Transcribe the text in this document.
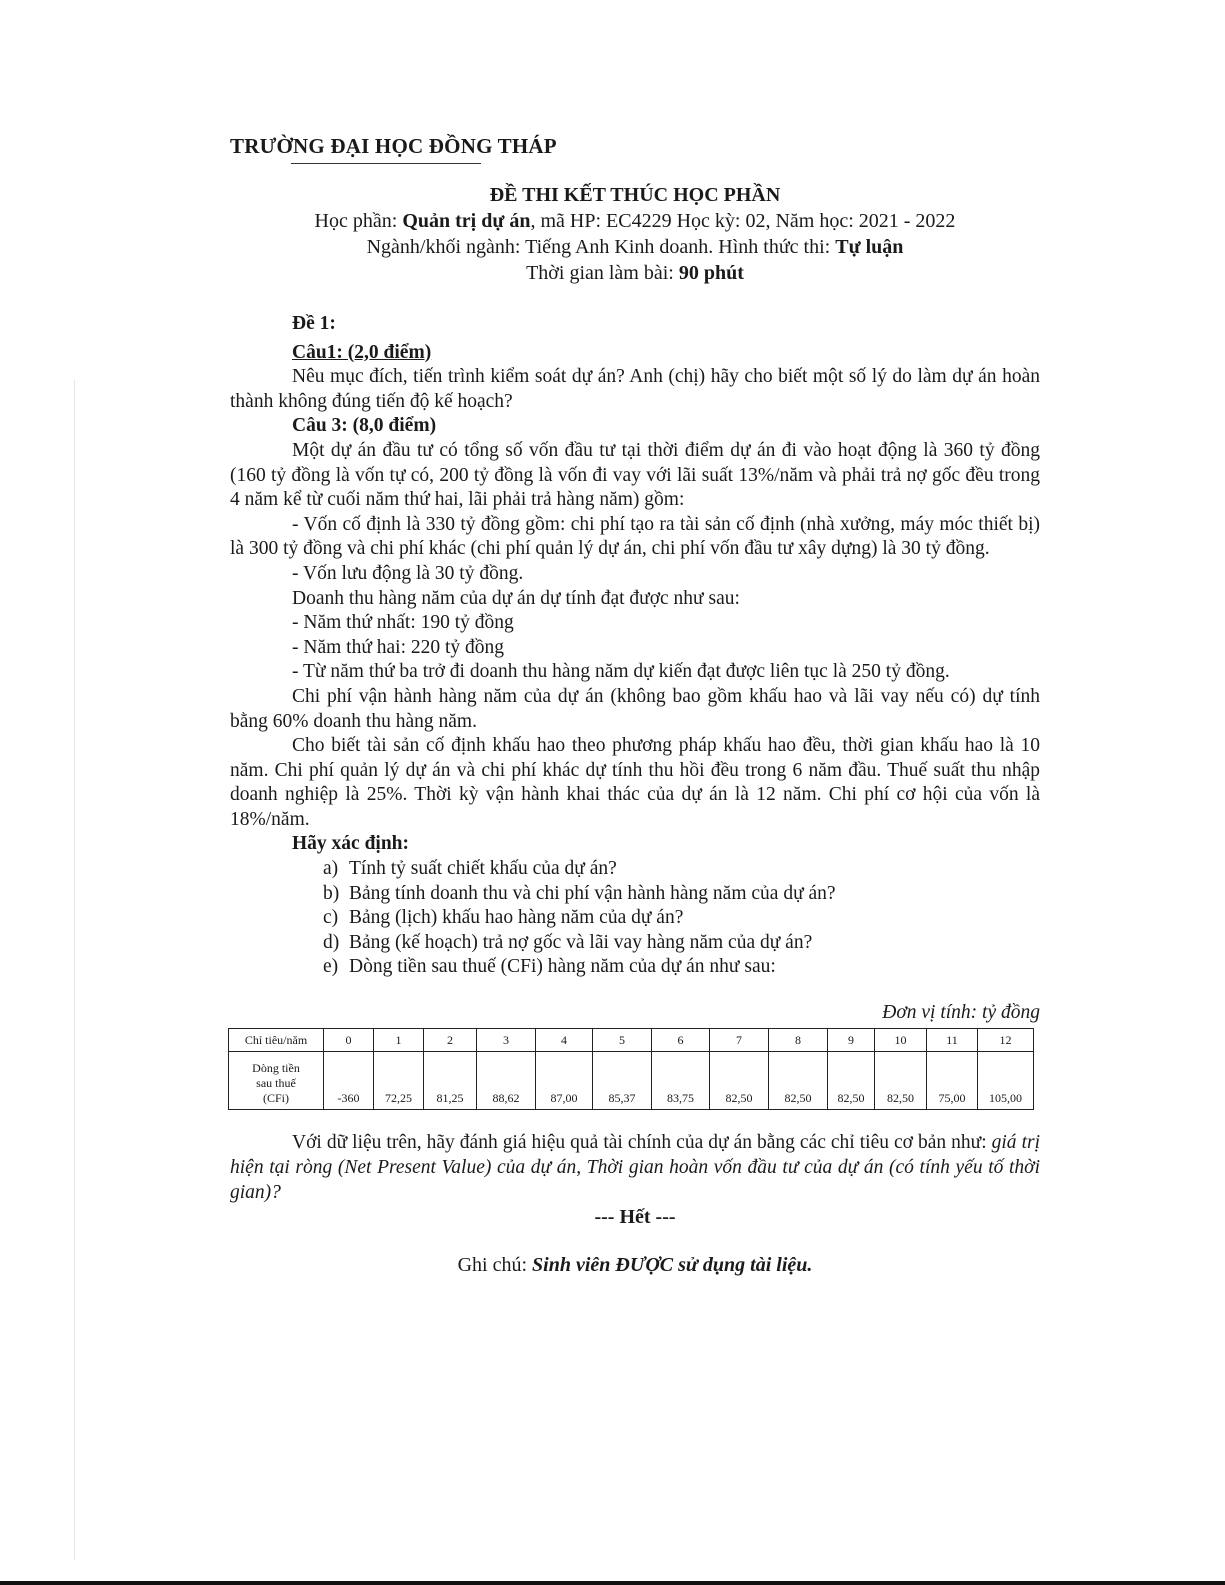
TRƯỜNG ĐẠI HỌC ĐỒNG THÁP
ĐỀ THI KẾT THÚC HỌC PHẦN
Học phần: Quản trị dự án, mã HP: EC4229 Học kỳ: 02, Năm học: 2021 - 2022
Ngành/khối ngành: Tiếng Anh Kinh doanh. Hình thức thi: Tự luận
Thời gian làm bài: 90 phút

Đề 1:

Câu1: (2,0 điểm)

Nêu mục đích, tiến trình kiểm soát dự án? Anh (chị) hãy cho biết một số lý do làm dự án hoàn thành không đúng tiến độ kế hoạch?

Câu 3: (8,0 điểm)

Một dự án đầu tư có tổng số vốn đầu tư tại thời điểm dự án đi vào hoạt động là 360 tỷ đồng (160 tỷ đồng là vốn tự có, 200 tỷ đồng là vốn đi vay với lãi suất 13%/năm và phải trả nợ gốc đều trong 4 năm kể từ cuối năm thứ hai, lãi phải trả hàng năm) gồm:

- Vốn cố định là 330 tỷ đồng gồm: chi phí tạo ra tài sản cố định (nhà xưởng, máy móc thiết bị) là 300 tỷ đồng và chi phí khác (chi phí quản lý dự án, chi phí vốn đầu tư xây dựng) là 30 tỷ đồng.

- Vốn lưu động là 30 tỷ đồng.

Doanh thu hàng năm của dự án dự tính đạt được như sau:

- Năm thứ nhất: 190 tỷ đồng

- Năm thứ hai: 220 tỷ đồng

- Từ năm thứ ba trở đi doanh thu hàng năm dự kiến đạt được liên tục là 250 tỷ đồng.

Chi phí vận hành hàng năm của dự án (không bao gồm khấu hao và lãi vay nếu có) dự tính bằng 60% doanh thu hàng năm.

Cho biết tài sản cố định khấu hao theo phương pháp khấu hao đều, thời gian khấu hao là 10 năm. Chi phí quản lý dự án và chi phí khác dự tính thu hồi đều trong 6 năm đầu. Thuế suất thu nhập doanh nghiệp là 25%. Thời kỳ vận hành khai thác của dự án là 12 năm. Chi phí cơ hội của vốn là 18%/năm.

Hãy xác định:

a) Tính tỷ suất chiết khấu của dự án?
b) Bảng tính doanh thu và chi phí vận hành hàng năm của dự án?
c) Bảng (lịch) khấu hao hàng năm của dự án?
d) Bảng (kế hoạch) trả nợ gốc và lãi vay hàng năm của dự án?
e) Dòng tiền sau thuế (CFi) hàng năm của dự án như sau:
Đơn vị tính: tỷ đồng
Chỉ tiêu/năm	0	1	2	3	4	5	6	7	8	9	10	11	12

Dòng tiền
sau thuế
(CFi)	-360	72,25	81,25	88,62	87,00	85,37	83,75	82,50	82,50	82,50	82,50	75,00	105,00

Với dữ liệu trên, hãy đánh giá hiệu quả tài chính của dự án bằng các chỉ tiêu cơ bản như: giá trị hiện tại ròng (Net Present Value) của dự án, Thời gian hoàn vốn đầu tư của dự án (có tính yếu tố thời gian)?

--- Hết ---
Ghi chú: Sinh viên ĐƯỢC sử dụng tài liệu.
